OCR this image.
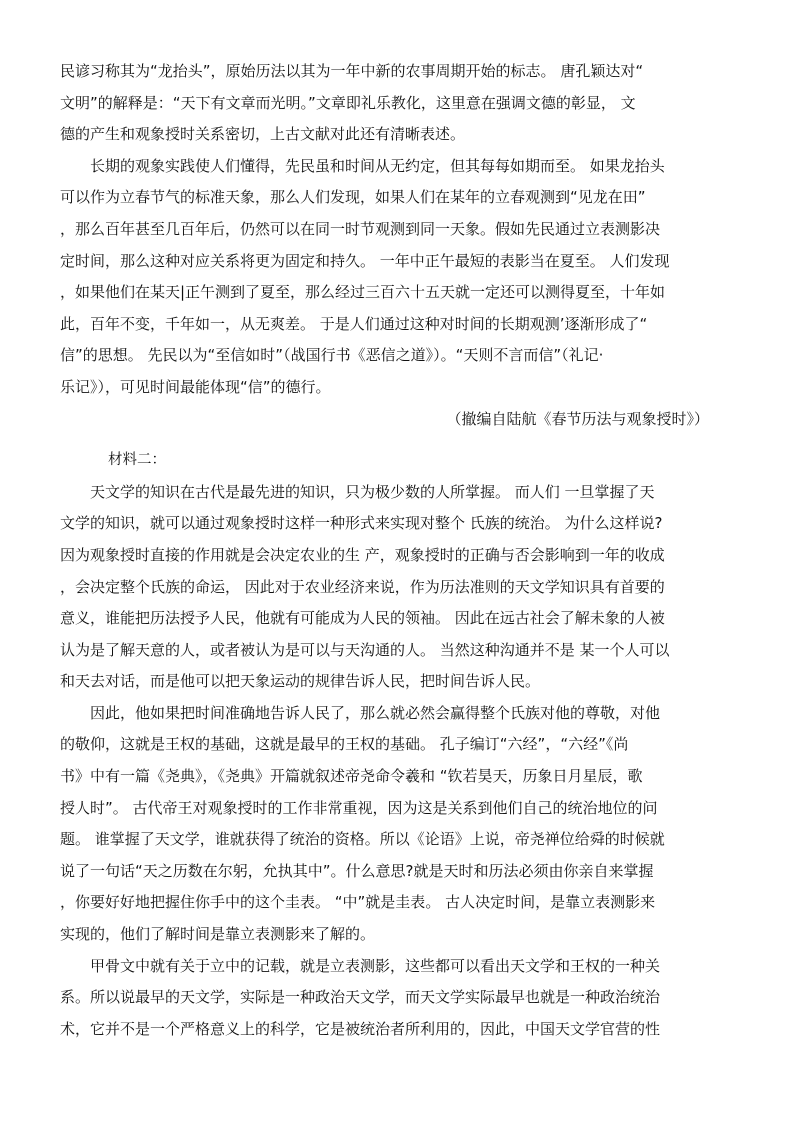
民谚习称其为“龙抬头”，原始历法以其为一年中新的农事周期开始的标志。 唐孔颖达对“
文明”的解释是：“天下有文章而光明。”文章即礼乐教化，这里意在强调文德的彰显， 文
德的产生和观象授时关系密切，上古文献对此还有清晰表述。

长期的观象实践使人们懂得，先民虽和时间从无约定，但其每每如期而至。 如果龙抬头
可以作为立春节气的标准天象，那么人们发现，如果人们在某年的立春观测到“见龙在田”
，那么百年甚至几百年后，仍然可以在同一时节观测到同一天象。假如先民通过立表测影决
定时间，那么这种对应关系将更为固定和持久。 一年中正午最短的表影当在夏至。 人们发现
，如果他们在某天|正午测到了夏至，那么经过三百六十五天就一定还可以测得夏至，十年如
此，百年不变，千年如一，从无爽差。 于是人们通过这种对时间的长期观测’逐渐形成了“
信”的思想。 先民以为“至信如时”（战国行书《恶信之道》）。“天则不言而信”（礼记·
乐记》），可见时间最能体现“信”的德行。

（撤编自陆航《春节历法与观象授时》）

材料二：

天文学的知识在古代是最先进的知识，只为极少数的人所掌握。 而人们 一旦掌握了天
文学的知识，就可以通过观象授时这样一种形式来实现对整个 氏族的统治。 为什么这样说?
因为观象授时直接的作用就是会决定农业的生 产，观象授时的正确与否会影响到一年的收成
，会决定整个氏族的命运， 因此对于农业经济来说，作为历法准则的天文学知识具有首要的
意义，谁能把历法授予人民，他就有可能成为人民的领袖。 因此在远古社会了解未象的人被
认为是了解天意的人，或者被认为是可以与天沟通的人。 当然这种沟通并不是 某一个人可以
和天去对话，而是他可以把天象运动的规律告诉人民，把时间告诉人民。

因此，他如果把时间准确地告诉人民了，那么就必然会赢得整个氏族对他的尊敬，对他
的敬仰，这就是王权的基础，这就是最早的王权的基础。 孔子编订“六经”，“六经”《尚
书》中有一篇《尧典》，《尧典》开篇就叙述帝尧命令羲和 “钦若昊天，历象日月星辰，歌
授人时”。 古代帝王对观象授时的工作非常重视，因为这是关系到他们自己的统治地位的问
题。 谁掌握了天文学，谁就获得了统治的资格。所以《论语》上说，帝尧禅位给舜的时候就
说了一句话“天之历数在尔躬，允执其中”。什么意思?就是天时和历法必须由你亲自来掌握
，你要好好地把握住你手中的这个圭表。 “中”就是圭表。 古人决定时间，是靠立表测影来
实现的，他们了解时间是靠立表测影来了解的。

甲骨文中就有关于立中的记载，就是立表测影，这些都可以看出天文学和王权的一种关
系。所以说最早的天文学，实际是一种政治天文学，而天文学实际最早也就是一种政治统治
术，它并不是一个严格意义上的科学，它是被统治者所利用的，因此，中国天文学官营的性
